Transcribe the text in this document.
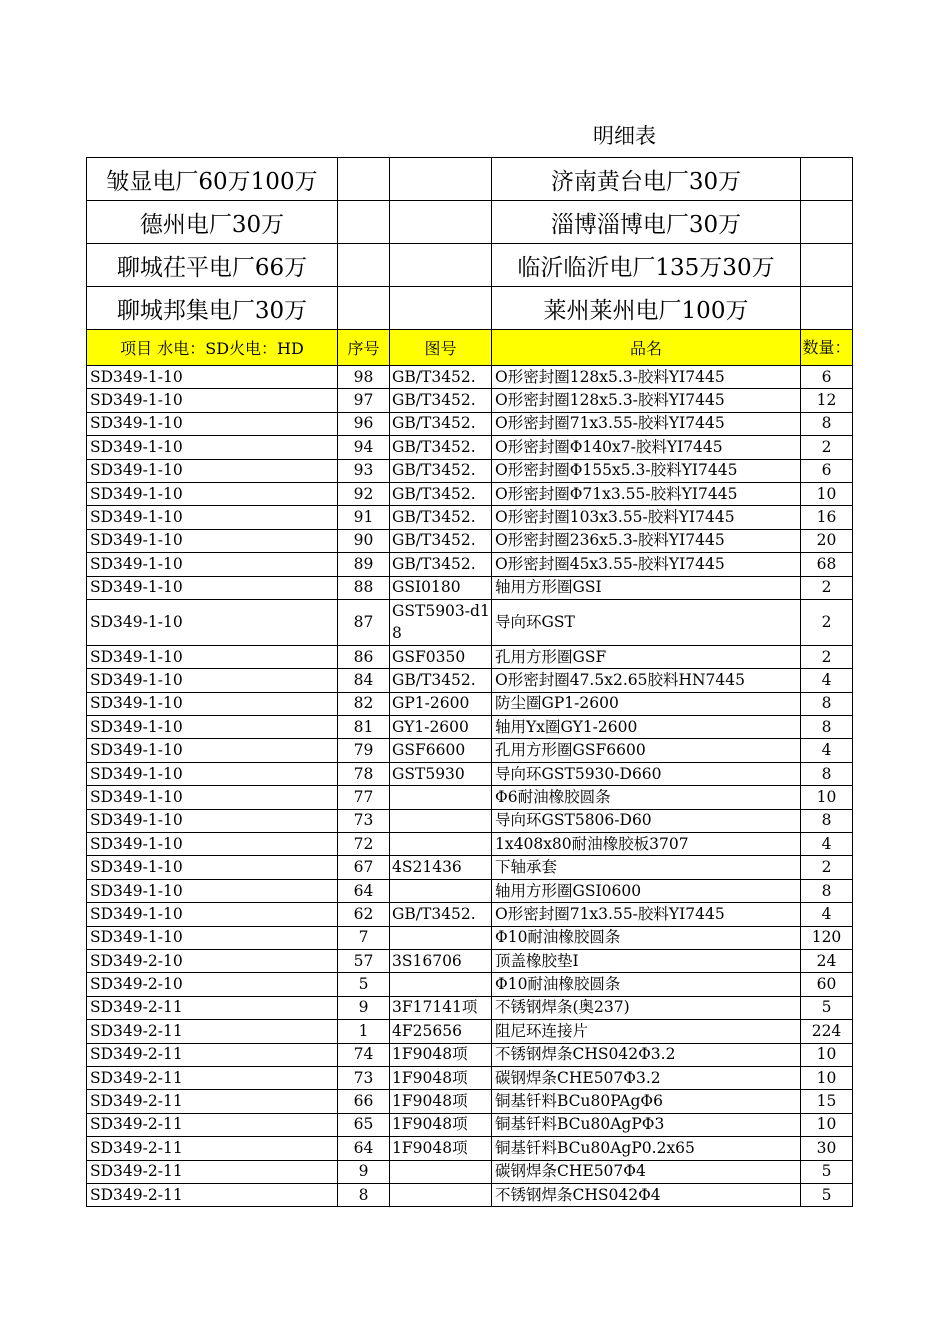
明细表
皱显电厂60万100万			济南黄台电厂30万	
德州电厂30万			淄博淄博电厂30万	
聊城茌平电厂66万			临沂临沂电厂135万30万	
聊城邦集电厂30万			莱州莱州电厂100万	
项目 水电：SD火电：HD	序号	图号	品名	数量：
SD349-1-10	98	GB/T3452.	O形密封圈128x5.3-胶料YI7445	6
SD349-1-10	97	GB/T3452.	O形密封圈128x5.3-胶料YI7445	12
SD349-1-10	96	GB/T3452.	O形密封圈71x3.55-胶料YI7445	8
SD349-1-10	94	GB/T3452.	O形密封圈Φ140x7-胶料YI7445	2
SD349-1-10	93	GB/T3452.	O形密封圈Φ155x5.3-胶料YI7445	6
SD349-1-10	92	GB/T3452.	O形密封圈Φ71x3.55-胶料YI7445	10
SD349-1-10	91	GB/T3452.	O形密封圈103x3.55-胶料YI7445	16
SD349-1-10	90	GB/T3452.	O形密封圈236x5.3-胶料YI7445	20
SD349-1-10	89	GB/T3452.	O形密封圈45x3.55-胶料YI7445	68
SD349-1-10	88	GSI0180	轴用方形圈GSI	2
SD349-1-10	87	GST5903-d18	导向环GST	2
SD349-1-10	86	GSF0350	孔用方形圈GSF	2
SD349-1-10	84	GB/T3452.	O形密封圈47.5x2.65胶料HN7445	4
SD349-1-10	82	GP1-2600	防尘圈GP1-2600	8
SD349-1-10	81	GY1-2600	轴用Yx圈GY1-2600	8
SD349-1-10	79	GSF6600	孔用方形圈GSF6600	4
SD349-1-10	78	GST5930	导向环GST5930-D660	8
SD349-1-10	77		Φ6耐油橡胶圆条	10
SD349-1-10	73		导向环GST5806-D60	8
SD349-1-10	72		1x408x80耐油橡胶板3707	4
SD349-1-10	67	4S21436	下轴承套	2
SD349-1-10	64		轴用方形圈GSI0600	8
SD349-1-10	62	GB/T3452.	O形密封圈71x3.55-胶料YI7445	4
SD349-1-10	7		Φ10耐油橡胶圆条	120
SD349-2-10	57	3S16706	顶盖橡胶垫I	24
SD349-2-10	5		Φ10耐油橡胶圆条	60
SD349-2-11	9	3F17141项	不锈钢焊条(奥237)	5
SD349-2-11	1	4F25656	阻尼环连接片	224
SD349-2-11	74	1F9048项	不锈钢焊条CHS042Φ3.2	10
SD349-2-11	73	1F9048项	碳钢焊条CHE507Φ3.2	10
SD349-2-11	66	1F9048项	铜基钎料BCu80PAgΦ6	15
SD349-2-11	65	1F9048项	铜基钎料BCu80AgPΦ3	10
SD349-2-11	64	1F9048项	铜基钎料BCu80AgP0.2x65	30
SD349-2-11	9		碳钢焊条CHE507Φ4	5
SD349-2-11	8		不锈钢焊条CHS042Φ4	5
